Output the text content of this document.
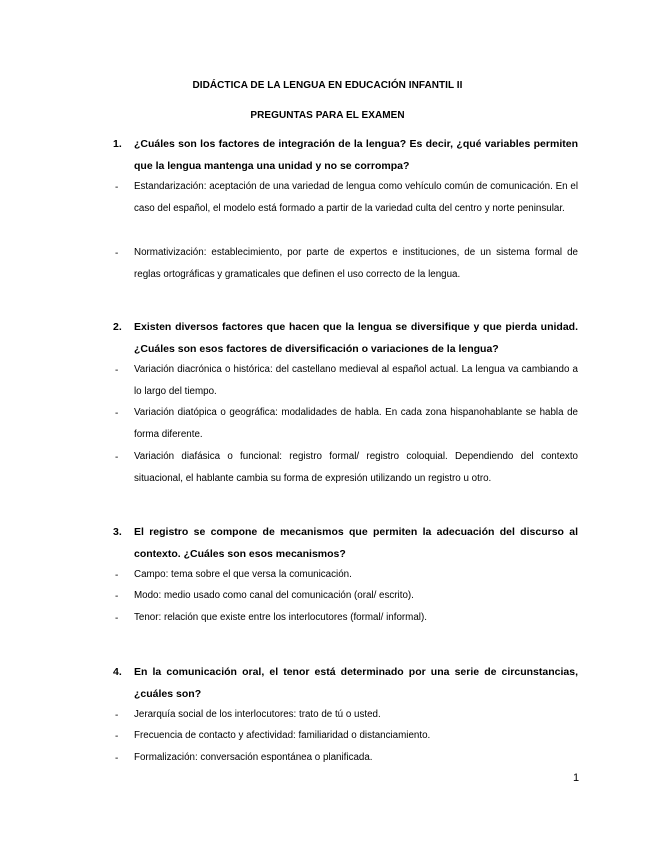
DIDÁCTICA DE LA LENGUA EN EDUCACIÓN INFANTIL II
PREGUNTAS PARA EL EXAMEN
1. ¿Cuáles son los factores de integración de la lengua? Es decir, ¿qué variables permiten que la lengua mantenga una unidad y no se corrompa?
- Estandarización: aceptación de una variedad de lengua como vehículo común de comunicación. En el caso del español, el modelo está formado a partir de la variedad culta del centro y norte peninsular.
- Normativización: establecimiento, por parte de expertos e instituciones, de un sistema formal de reglas ortográficas y gramaticales que definen el uso correcto de la lengua.
2. Existen diversos factores que hacen que la lengua se diversifique y que pierda unidad. ¿Cuáles son esos factores de diversificación o variaciones de la lengua?
- Variación diacrónica o histórica: del castellano medieval al español actual. La lengua va cambiando a lo largo del tiempo.
- Variación diatópica o geográfica: modalidades de habla. En cada zona hispanohablante se habla de forma diferente.
- Variación diafásica o funcional: registro formal/ registro coloquial. Dependiendo del contexto situacional, el hablante cambia su forma de expresión utilizando un registro u otro.
3. El registro se compone de mecanismos que permiten la adecuación del discurso al contexto. ¿Cuáles son esos mecanismos?
- Campo: tema sobre el que versa la comunicación.
- Modo: medio usado como canal del comunicación (oral/ escrito).
- Tenor: relación que existe entre los interlocutores (formal/ informal).
4. En la comunicación oral, el tenor está determinado por una serie de circunstancias, ¿cuáles son?
- Jerarquía social de los interlocutores: trato de tú o usted.
- Frecuencia de contacto y afectividad: familiaridad o distanciamiento.
- Formalización: conversación espontánea o planificada.
1
